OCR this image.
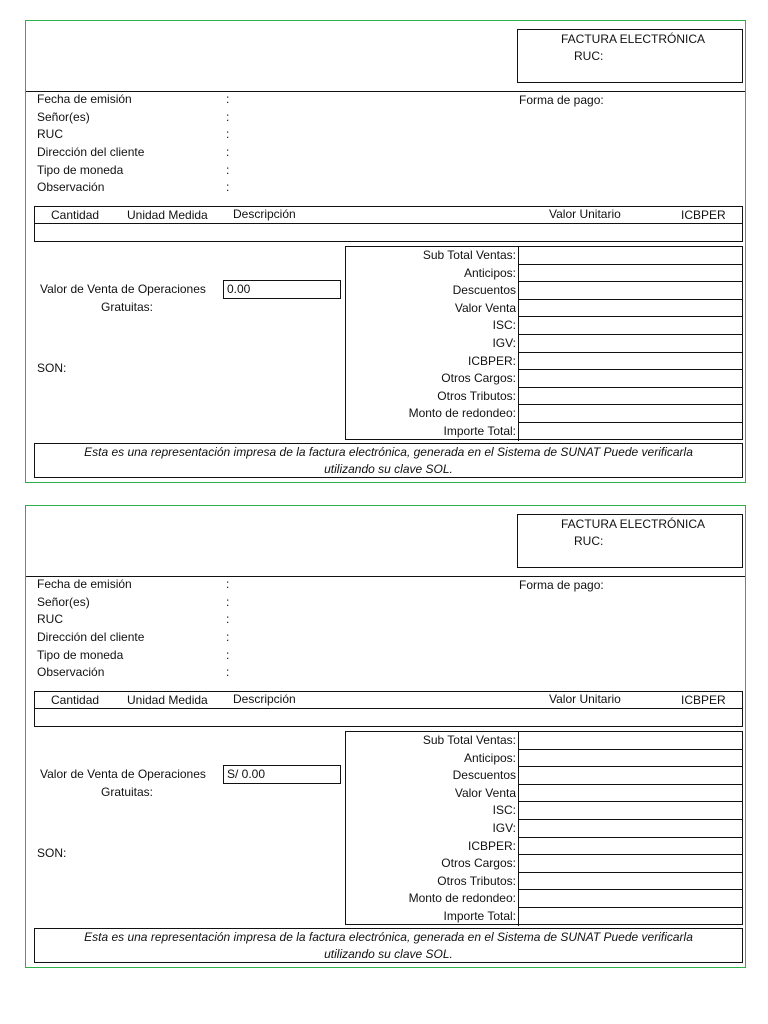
FACTURA ELECTRÓNICA
RUC:
Fecha de emisión	:
Señor(es)	:
RUC	:
Dirección del cliente	:
Tipo de moneda	:
Observación	:
Forma de pago:
Cantidad Unidad Medida Descripción	Valor Unitario	ICBPER
Valor de Venta de Operaciones
Gratuitas:
0.00
SON:
Sub Total Ventas:
Anticipos:
Descuentos
Valor Venta
ISC:
IGV:
ICBPER:
Otros Cargos:
Otros Tributos:
Monto de redondeo:
Importe Total:
Esta es una representación impresa de la factura electrónica, generada en el Sistema de SUNAT Puede verificarla
utilizando su clave SOL.
FACTURA ELECTRÓNICA
RUC:
Fecha de emisión	:
Señor(es)	:
RUC	:
Dirección del cliente	:
Tipo de moneda	:
Observación	:
Forma de pago:
Cantidad Unidad Medida Descripción	Valor Unitario	ICBPER
Valor de Venta de Operaciones
Gratuitas:
S/ 0.00
SON:
Sub Total Ventas:
Anticipos:
Descuentos
Valor Venta
ISC:
IGV:
ICBPER:
Otros Cargos:
Otros Tributos:
Monto de redondeo:
Importe Total:
Esta es una representación impresa de la factura electrónica, generada en el Sistema de SUNAT Puede verificarla
utilizando su clave SOL.
